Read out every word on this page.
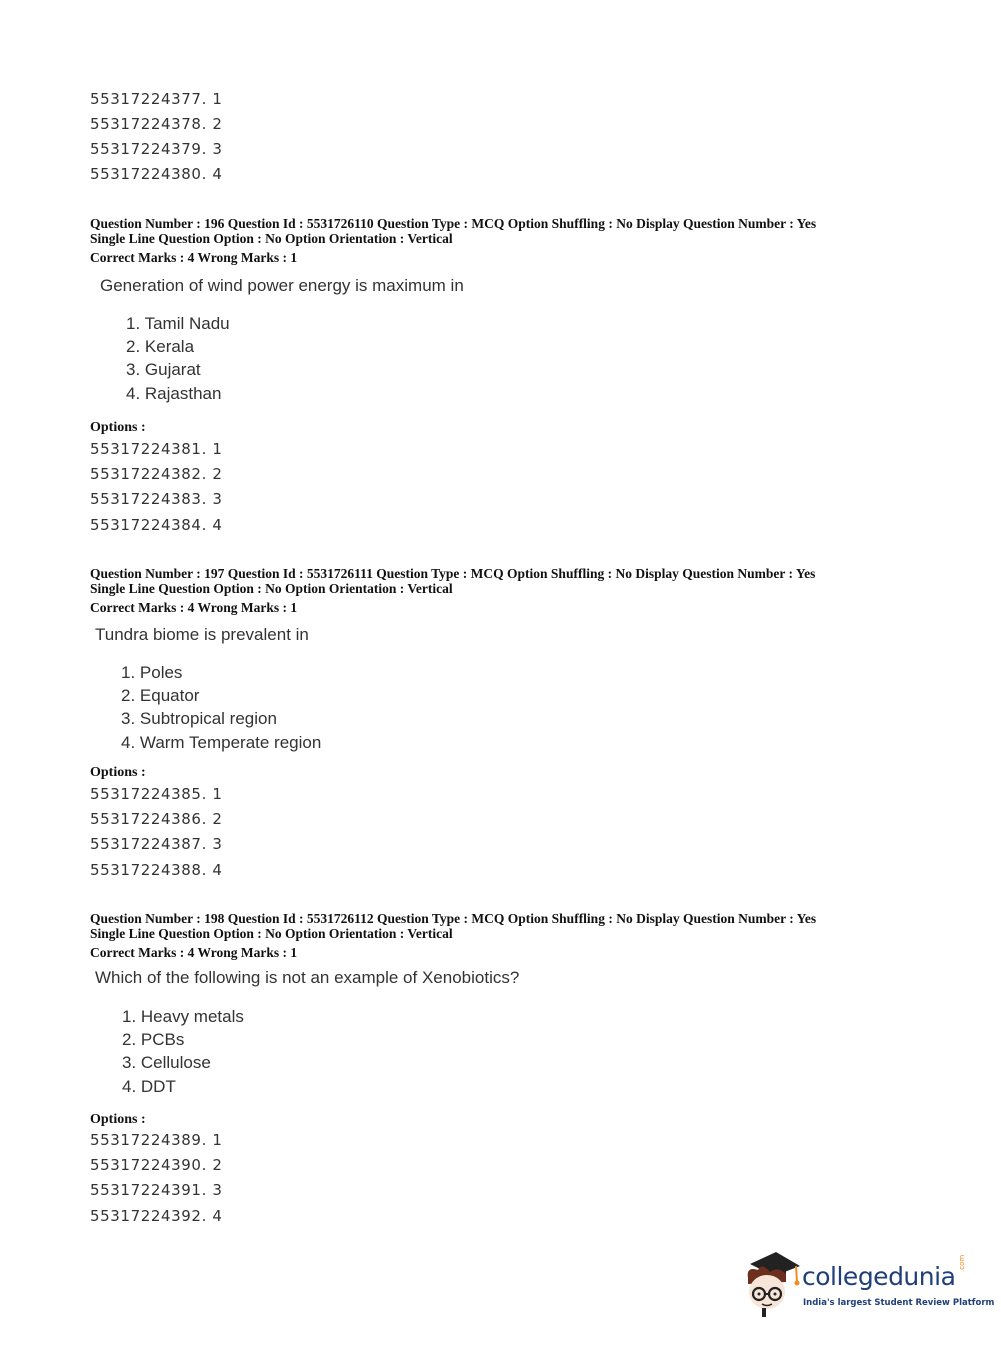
55317224377. 1
55317224378. 2
55317224379. 3
55317224380. 4
Question Number : 196 Question Id : 5531726110 Question Type : MCQ Option Shuffling : No Display Question Number : Yes
Single Line Question Option : No Option Orientation : Vertical
Correct Marks : 4 Wrong Marks : 1
Generation of wind power energy is maximum in
1. Tamil Nadu
2. Kerala
3. Gujarat
4. Rajasthan
Options :
55317224381. 1
55317224382. 2
55317224383. 3
55317224384. 4
Question Number : 197 Question Id : 5531726111 Question Type : MCQ Option Shuffling : No Display Question Number : Yes
Single Line Question Option : No Option Orientation : Vertical
Correct Marks : 4 Wrong Marks : 1
Tundra biome is prevalent in
1. Poles
2. Equator
3. Subtropical region
4. Warm Temperate region
Options :
55317224385. 1
55317224386. 2
55317224387. 3
55317224388. 4
Question Number : 198 Question Id : 5531726112 Question Type : MCQ Option Shuffling : No Display Question Number : Yes
Single Line Question Option : No Option Orientation : Vertical
Correct Marks : 4 Wrong Marks : 1
Which of the following is not an example of Xenobiotics?
1. Heavy metals
2. PCBs
3. Cellulose
4. DDT
Options :
55317224389. 1
55317224390. 2
55317224391. 3
55317224392. 4
collegedunia .com
India's largest Student Review Platform
